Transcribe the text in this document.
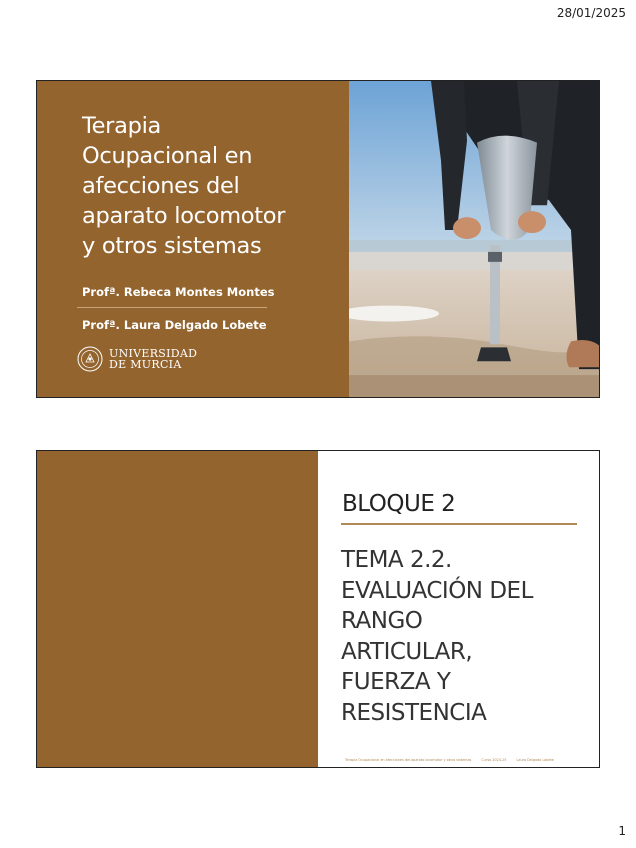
28/01/2025
Terapia
Ocupacional en
afecciones del
aparato locomotor
y otros sistemas
Profª. Rebeca Montes Montes
Profª. Laura Delgado Lobete
UNIVERSIDAD
DE MURCIA
BLOQUE 2
TEMA 2.2.
EVALUACIÓN DEL
RANGO
ARTICULAR,
FUERZA Y
RESISTENCIA
Terapia Ocupacional en afecciones del aparato locomotor y otros sistemas	Curso 2024-25	Laura Delgado Lobete
1
